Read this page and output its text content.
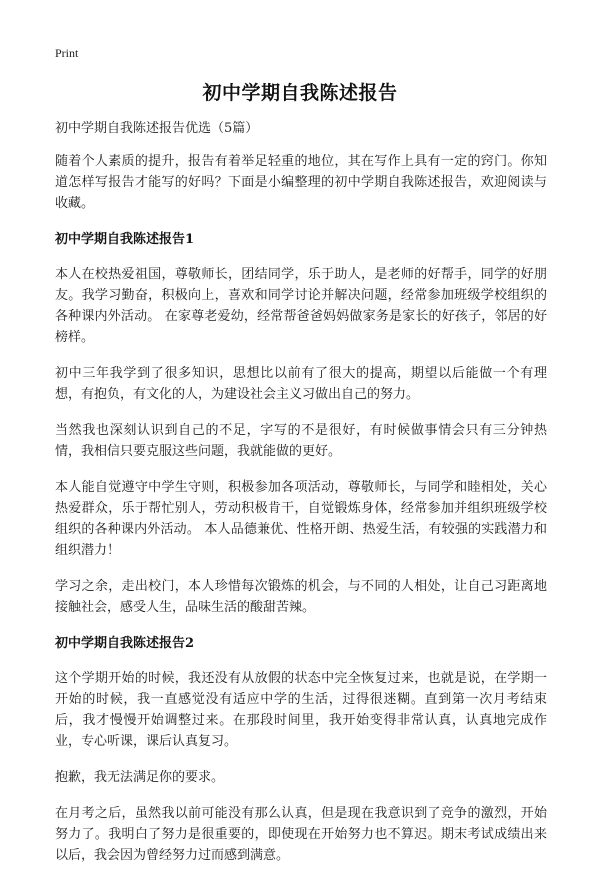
Print
初中学期自我陈述报告

初中学期自我陈述报告优选（5篇）

随着个人素质的提升，报告有着举足轻重的地位，其在写作上具有一定的窍门。你知道怎样写报告才能写的好吗？下面是小编整理的初中学期自我陈述报告，欢迎阅读与收藏。

初中学期自我陈述报告1

本人在校热爱祖国，尊敬师长，团结同学，乐于助人，是老师的好帮手，同学的好朋友。我学习勤奋，积极向上，喜欢和同学讨论并解决问题，经常参加班级学校组织的各种课内外活动。 在家尊老爱幼，经常帮爸爸妈妈做家务是家长的好孩子，邻居的好榜样。

初中三年我学到了很多知识，思想比以前有了很大的提高，期望以后能做一个有理想，有抱负，有文化的人，为建设社会主义习做出自己的努力。

当然我也深刻认识到自己的不足，字写的不是很好，有时候做事情会只有三分钟热情，我相信只要克服这些问题，我就能做的更好。

本人能自觉遵守中学生守则，积极参加各项活动，尊敬师长，与同学和睦相处，关心热爱群众，乐于帮忙别人，劳动积极肯干，自觉锻炼身体，经常参加并组织班级学校组织的各种课内外活动。 本人品德兼优、性格开朗、热爱生活，有较强的实践潜力和组织潜力！

学习之余，走出校门，本人珍惜每次锻炼的机会，与不同的人相处，让自己习距离地接触社会，感受人生，品味生活的酸甜苦辣。

初中学期自我陈述报告2

这个学期开始的时候，我还没有从放假的状态中完全恢复过来，也就是说，在学期一开始的时候，我一直感觉没有适应中学的生活，过得很迷糊。直到第一次月考结束后，我才慢慢开始调整过来。在那段时间里，我开始变得非常认真，认真地完成作业，专心听课，课后认真复习。

抱歉，我无法满足你的要求。

在月考之后，虽然我以前可能没有那么认真，但是现在我意识到了竞争的激烈，开始努力了。我明白了努力是很重要的，即使现在开始努力也不算迟。期末考试成绩出来以后，我会因为曾经努力过而感到满意。
